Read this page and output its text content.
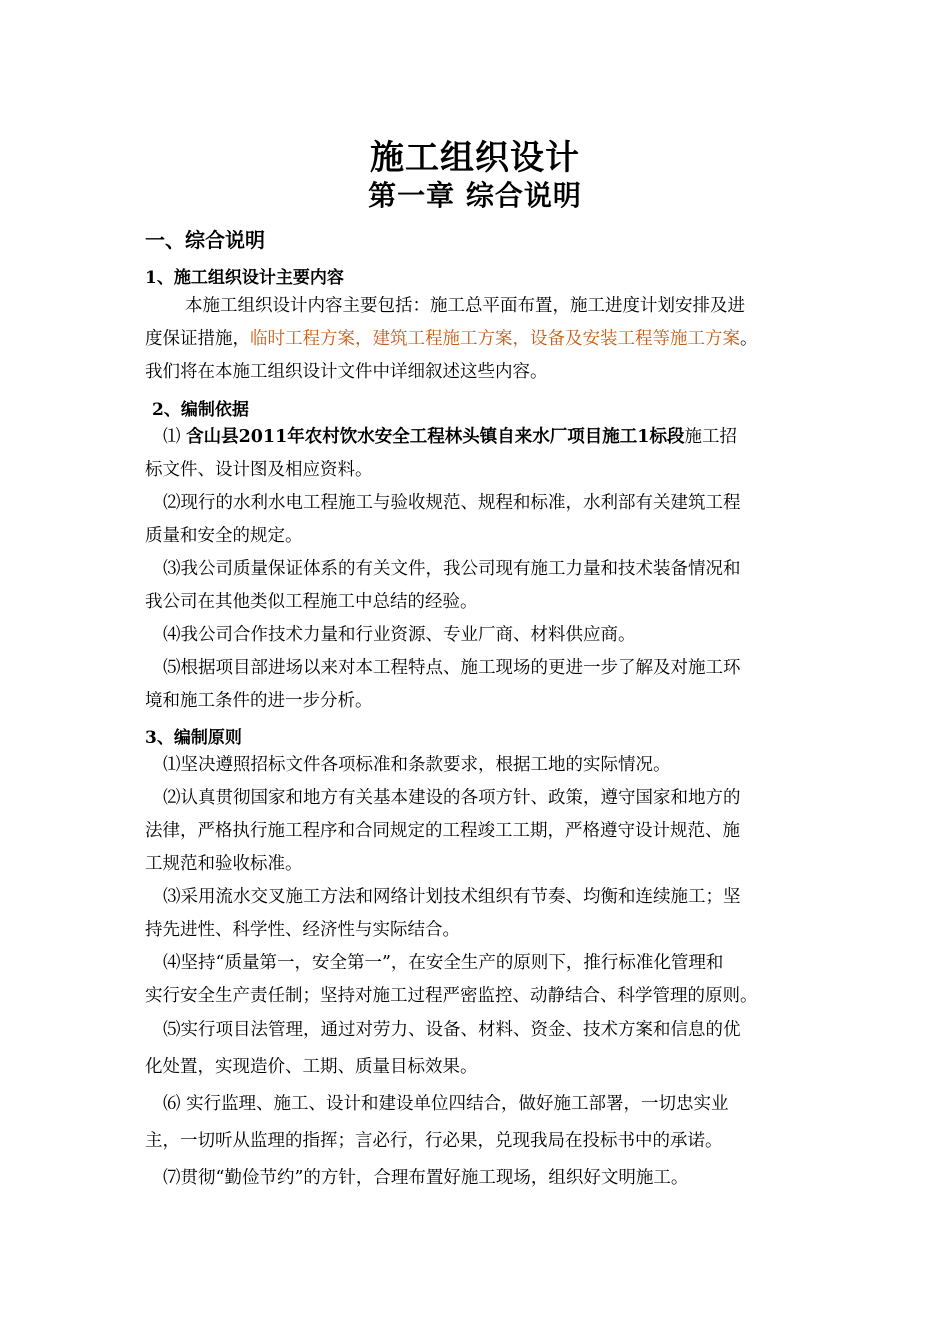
施工组织设计
第一章 综合说明
一、综合说明
1、施工组织设计主要内容
本施工组织设计内容主要包括：施工总平面布置，施工进度计划安排及进
度保证措施，临时工程方案，建筑工程施工方案，设备及安装工程等施工方案。
我们将在本施工组织设计文件中详细叙述这些内容。
2、编制依据
⑴ 含山县2011年农村饮水安全工程林头镇自来水厂项目施工1标段施工招
标文件、设计图及相应资料。
⑵现行的水利水电工程施工与验收规范、规程和标准，水利部有关建筑工程
质量和安全的规定。
⑶我公司质量保证体系的有关文件，我公司现有施工力量和技术装备情况和
我公司在其他类似工程施工中总结的经验。
⑷我公司合作技术力量和行业资源、专业厂商、材料供应商。
⑸根据项目部进场以来对本工程特点、施工现场的更进一步了解及对施工环
境和施工条件的进一步分析。
3、编制原则
⑴坚决遵照招标文件各项标准和条款要求，根据工地的实际情况。
⑵认真贯彻国家和地方有关基本建设的各项方针、政策，遵守国家和地方的
法律，严格执行施工程序和合同规定的工程竣工工期，严格遵守设计规范、施
工规范和验收标准。
⑶采用流水交叉施工方法和网络计划技术组织有节奏、均衡和连续施工；坚
持先进性、科学性、经济性与实际结合。
⑷坚持“质量第一，安全第一”，在安全生产的原则下，推行标准化管理和
实行安全生产责任制；坚持对施工过程严密监控、动静结合、科学管理的原则。
⑸实行项目法管理，通过对劳力、设备、材料、资金、技术方案和信息的优
化处置，实现造价、工期、质量目标效果。
⑹ 实行监理、施工、设计和建设单位四结合，做好施工部署，一切忠实业
主，一切听从监理的指挥；言必行，行必果，兑现我局在投标书中的承诺。
⑺贯彻“勤俭节约”的方针，合理布置好施工现场，组织好文明施工。
